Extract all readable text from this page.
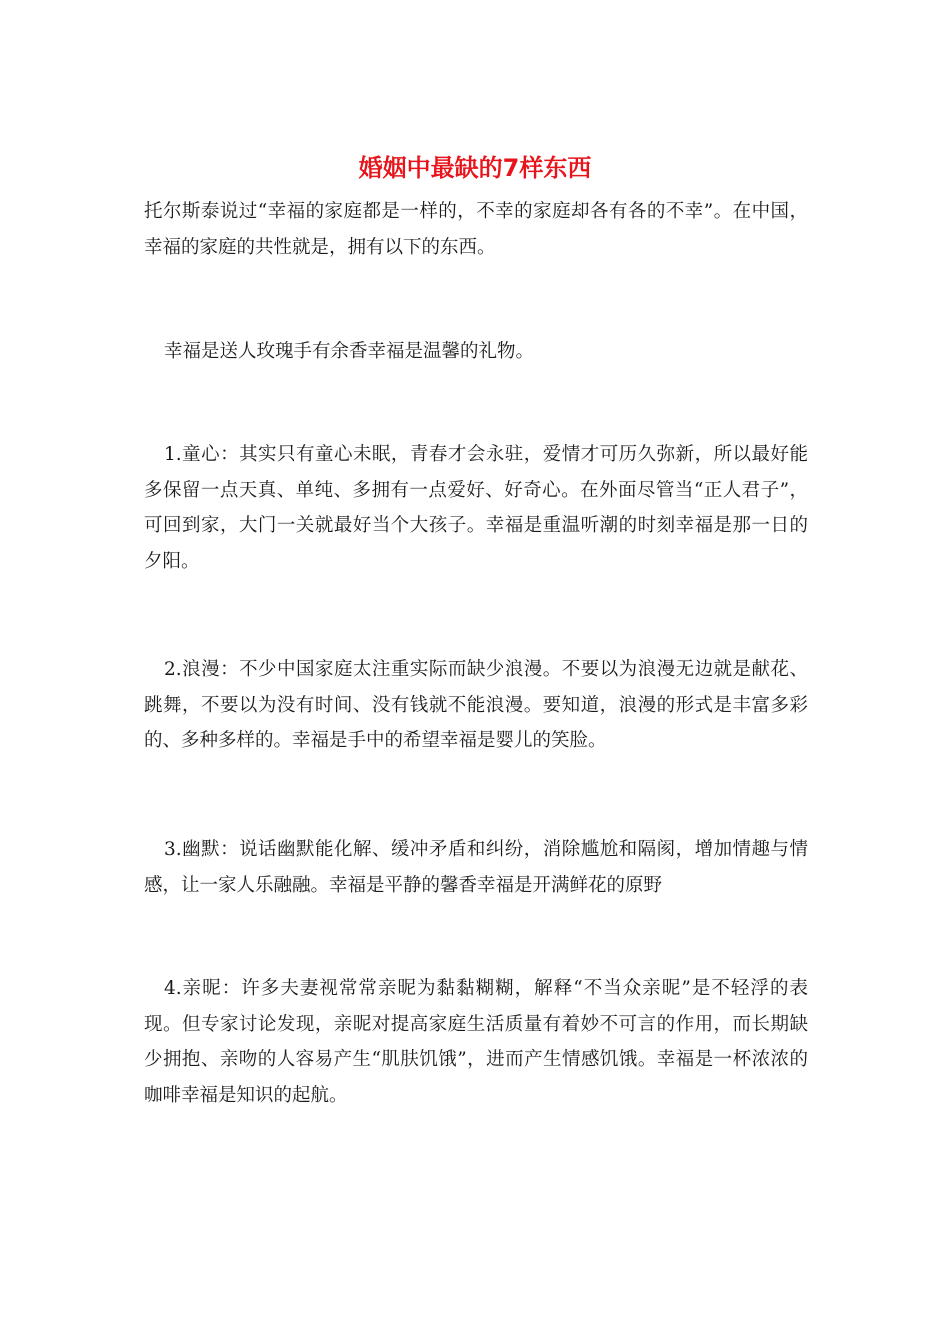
婚姻中最缺的7样东西

托尔斯泰说过“幸福的家庭都是一样的，不幸的家庭却各有各的不幸”。在中国，幸福的家庭的共性就是，拥有以下的东西。

幸福是送人玫瑰手有余香幸福是温馨的礼物。

1.童心：其实只有童心未眠，青春才会永驻，爱情才可历久弥新，所以最好能多保留一点天真、单纯、多拥有一点爱好、好奇心。在外面尽管当“正人君子”，可回到家，大门一关就最好当个大孩子。幸福是重温听潮的时刻幸福是那一日的夕阳。

2.浪漫：不少中国家庭太注重实际而缺少浪漫。不要以为浪漫无边就是献花、跳舞，不要以为没有时间、没有钱就不能浪漫。要知道，浪漫的形式是丰富多彩的、多种多样的。幸福是手中的希望幸福是婴儿的笑脸。

3.幽默：说话幽默能化解、缓冲矛盾和纠纷，消除尴尬和隔阂，增加情趣与情感，让一家人乐融融。幸福是平静的馨香幸福是开满鲜花的原野

4.亲昵：许多夫妻视常常亲昵为黏黏糊糊，解释“不当众亲昵”是不轻浮的表现。但专家讨论发现，亲昵对提高家庭生活质量有着妙不可言的作用，而长期缺少拥抱、亲吻的人容易产生“肌肤饥饿”，进而产生情感饥饿。幸福是一杯浓浓的咖啡幸福是知识的起航。
